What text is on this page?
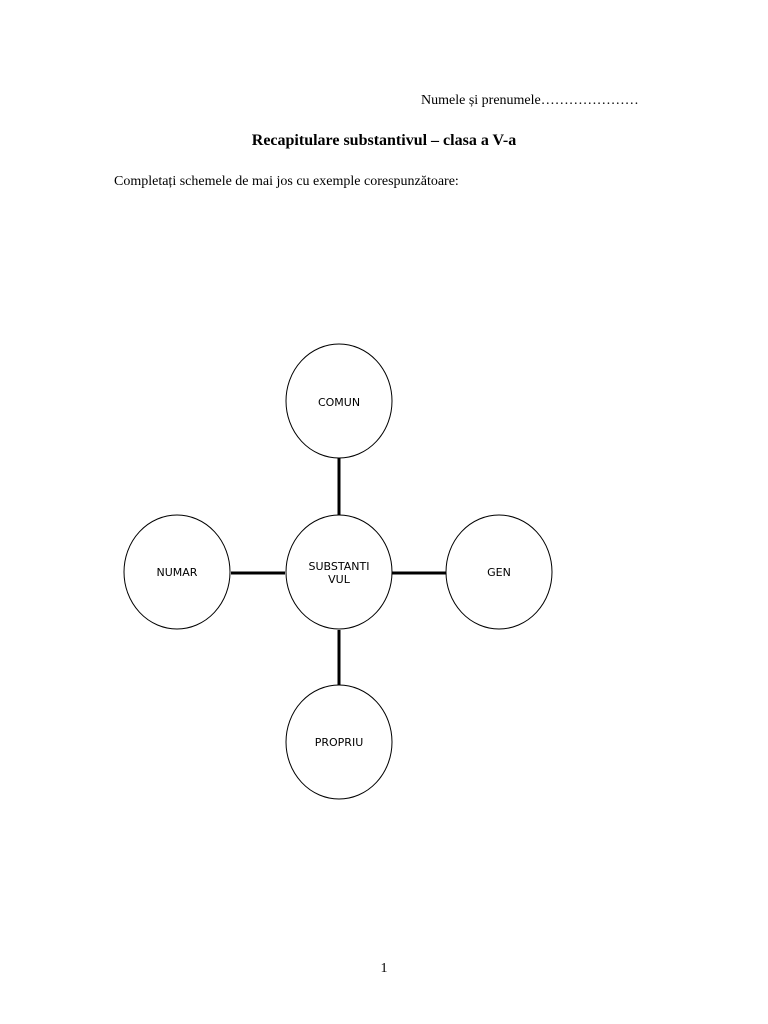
Numele și prenumele…………………
Recapitulare substantivul – clasa a V-a
Completați schemele de mai jos cu exemple corespunzătoare:
COMUN
NUMAR	SUBSTANTI
VUL
GEN
PROPRIU
1
